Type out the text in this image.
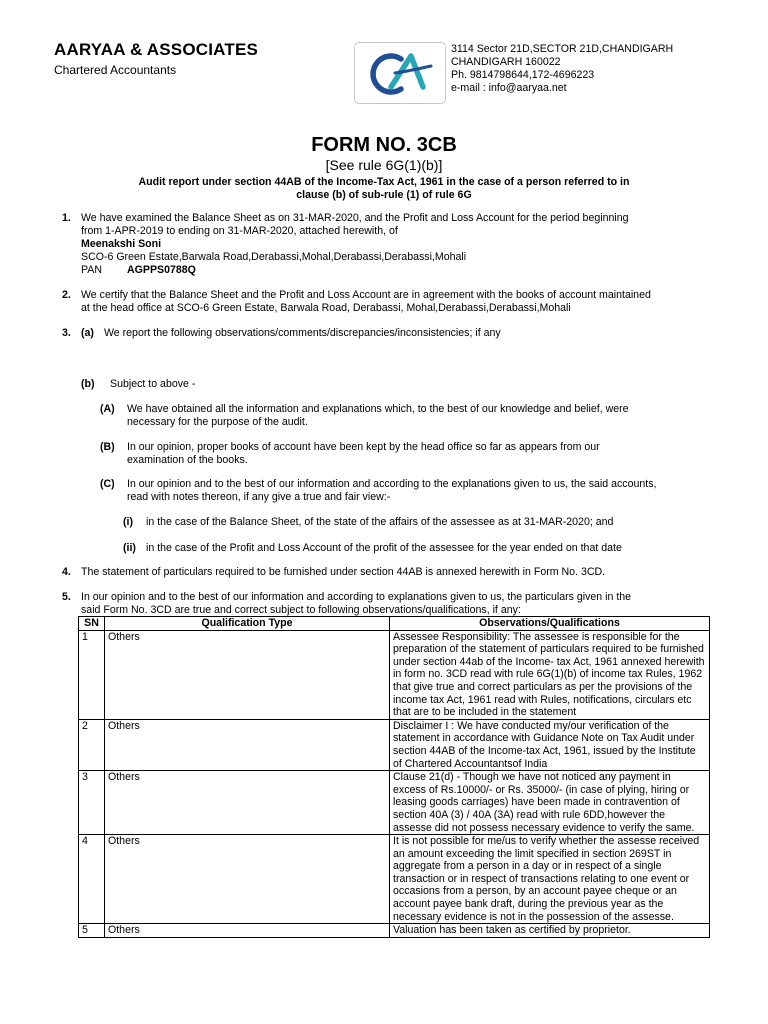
AARYAA & ASSOCIATES
Chartered Accountants
3114 Sector 21D,SECTOR 21D,CHANDIGARH
CHANDIGARH 160022
Ph. 9814798644,172-4696223
e-mail : info@aaryaa.net
FORM NO. 3CB
[See rule 6G(1)(b)]
Audit report under section 44AB of the Income-Tax Act, 1961 in the case of a person referred to in
clause (b) of sub-rule (1) of rule 6G
1. We have examined the Balance Sheet as on 31-MAR-2020, and the Profit and Loss Account for the period beginning
from 1-APR-2019 to ending on 31-MAR-2020, attached herewith, of
Meenakshi Soni
SCO-6 Green Estate,Barwala Road,Derabassi,Mohal,Derabassi,Derabassi,Mohali
PAN AGPPS0788Q
2. We certify that the Balance Sheet and the Profit and Loss Account are in agreement with the books of account maintained
at the head office at SCO-6 Green Estate, Barwala Road, Derabassi, Mohal,Derabassi,Derabassi,Mohali
3. (a) We report the following observations/comments/discrepancies/inconsistencies; if any
(b) Subject to above -
(A) We have obtained all the information and explanations which, to the best of our knowledge and belief, were
necessary for the purpose of the audit.
(B) In our opinion, proper books of account have been kept by the head office so far as appears from our
examination of the books.
(C) In our opinion and to the best of our information and according to the explanations given to us, the said accounts,
read with notes thereon, if any give a true and fair view:-
(i) in the case of the Balance Sheet, of the state of the affairs of the assessee as at 31-MAR-2020; and
(ii) in the case of the Profit and Loss Account of the profit of the assessee for the year ended on that date
4. The statement of particulars required to be furnished under section 44AB is annexed herewith in Form No. 3CD.
5. In our opinion and to the best of our information and according to explanations given to us, the particulars given in the
said Form No. 3CD are true and correct subject to following observations/qualifications, if any:
SN	Qualification Type	Observations/Qualifications
1	Others	Assessee Responsibility: The assessee is responsible for the preparation of the statement of particulars required to be furnished under section 44ab of the Income- tax Act, 1961 annexed herewith in form no. 3CD read with rule 6G(1)(b) of income tax Rules, 1962 that give true and correct particulars as per the provisions of the income tax Act, 1961 read with Rules, notifications, circulars etc that are to be included in the statement
2	Others	Disclaimer I : We have conducted my/our verification of the statement in accordance with Guidance Note on Tax Audit under section 44AB of the Income-tax Act, 1961, issued by the Institute of Chartered Accountantsof India
3	Others	Clause 21(d) - Though we have not noticed any payment in excess of Rs.10000/- or Rs. 35000/- (in case of plying, hiring or leasing goods carriages) have been made in contravention of section 40A (3) / 40A (3A) read with rule 6DD,however the assesse did not possess necessary evidence to verify the same.
4	Others	It is not possible for me/us to verify whether the assesse received an amount exceeding the limit specified in section 269ST in aggregate from a person in a day or in respect of a single transaction or in respect of transactions relating to one event or occasions from a person, by an account payee cheque or an account payee bank draft, during the previous year as the necessary evidence is not in the possession of the assesse.
5	Others	Valuation has been taken as certified by proprietor.
